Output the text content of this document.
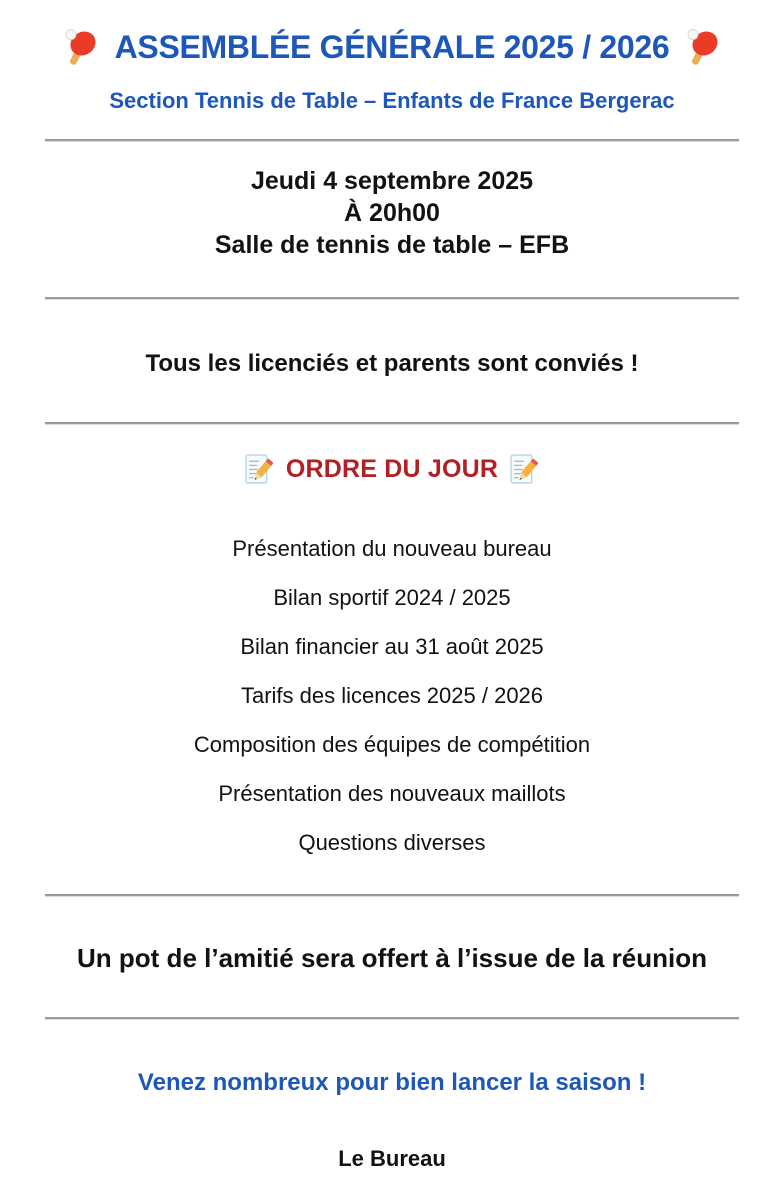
ASSEMBLÉE GÉNÉRALE 2025 / 2026
Section Tennis de Table – Enfants de France Bergerac
Jeudi 4 septembre 2025
À 20h00
Salle de tennis de table – EFB
Tous les licenciés et parents sont conviés !
ORDRE DU JOUR
Présentation du nouveau bureau
Bilan sportif 2024 / 2025
Bilan financier au 31 août 2025
Tarifs des licences 2025 / 2026
Composition des équipes de compétition
Présentation des nouveaux maillots
Questions diverses
Un pot de l’amitié sera offert à l’issue de la réunion
Venez nombreux pour bien lancer la saison !
Le Bureau
